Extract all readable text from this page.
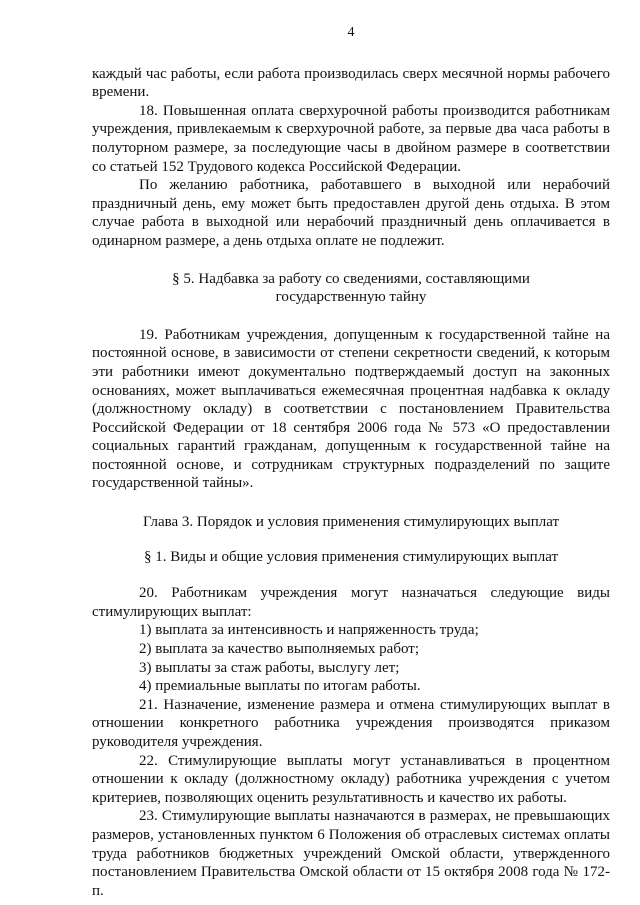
4

каждый час работы, если работа производилась сверх месячной нормы рабочего времени.

18. Повышенная оплата сверхурочной работы производится работникам учреждения, привлекаемым к сверхурочной работе, за первые два часа работы в полуторном размере, за последующие часы в двойном размере в соответствии со статьей 152 Трудового кодекса Российской Федерации.

По желанию работника, работавшего в выходной или нерабочий праздничный день, ему может быть предоставлен другой день отдыха. В этом случае работа в выходной или нерабочий праздничный день оплачивается в одинарном размере, а день отдыха оплате не подлежит.

§ 5. Надбавка за работу со сведениями, составляющими государственную тайну

19. Работникам учреждения, допущенным к государственной тайне на постоянной основе, в зависимости от степени секретности сведений, к которым эти работники имеют документально подтверждаемый доступ на законных основаниях, может выплачиваться ежемесячная процентная надбавка к окладу (должностному окладу) в соответствии с постановлением Правительства Российской Федерации от 18 сентября 2006 года № 573 «О предоставлении социальных гарантий гражданам, допущенным к государственной тайне на постоянной основе, и сотрудникам структурных подразделений по защите государственной тайны».

Глава 3. Порядок и условия применения стимулирующих выплат
§ 1. Виды и общие условия применения стимулирующих выплат

20. Работникам учреждения могут назначаться следующие виды стимулирующих выплат:

1) выплата за интенсивность и напряженность труда;

2) выплата за качество выполняемых работ;

3) выплаты за стаж работы, выслугу лет;

4) премиальные выплаты по итогам работы.

21. Назначение, изменение размера и отмена стимулирующих выплат в отношении конкретного работника учреждения производятся приказом руководителя учреждения.

22. Стимулирующие выплаты могут устанавливаться в процентном отношении к окладу (должностному окладу) работника учреждения с учетом критериев, позволяющих оценить результативность и качество их работы.

23. Стимулирующие выплаты назначаются в размерах, не превышающих размеров, установленных пунктом 6 Положения об отраслевых системах оплаты труда работников бюджетных учреждений Омской области, утвержденного постановлением Правительства Омской области от 15 октября 2008 года № 172-п.
